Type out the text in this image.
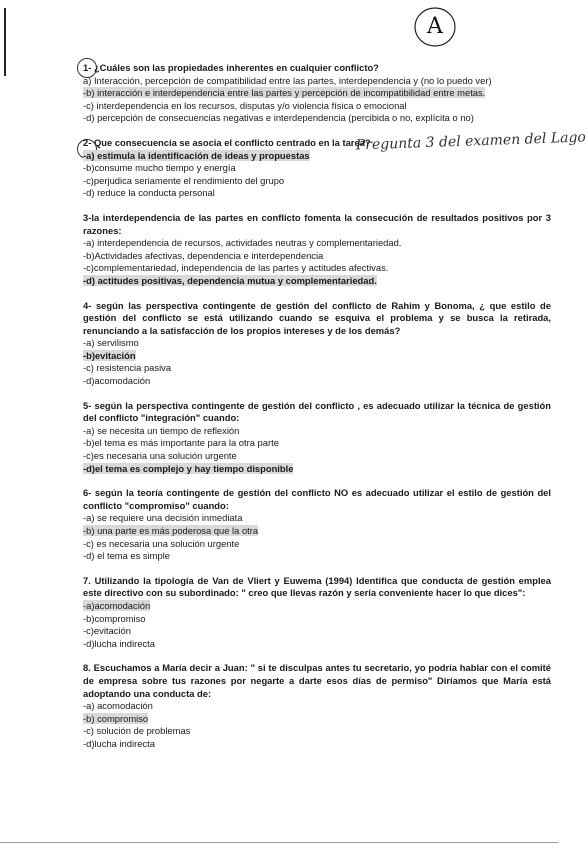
A
Pregunta 3 del examen del Lago
1- ¿Cuáles son las propiedades inherentes en cualquier conflicto?
a) Interacción, percepción de compatibilidad entre las partes, interdependencia y (no lo puedo ver)
-b) interacción e interdependencia entre las partes y percepción de incompatibilidad entre metas.
-c) interdependencia en los recursos, disputas y/o violencia física o emocional
-d) percepción de consecuencias negativas e interdependencia (percibida o no, explícita o no)
2- Que consecuencia se asocia el conflicto centrado en la tarea?
-a) estimula la identificación de ideas y propuestas
-b)consume mucho tiempo y energía
-c)perjudica seriamente el rendimiento del grupo
-d) reduce la conducta personal
3-la interdependencia de las partes en conflicto fomenta la consecución de resultados positivos por 3 razones:
-a) interdependencia de recursos, actividades neutras y complementariedad.
-b)Actividades afectivas, dependencia e interdependencia
-c)complementariedad, independencia de las partes y actitudes afectivas.
-d) actitudes positivas, dependencia mutua y complementariedad.
4- según las perspectiva contingente de gestión del conflicto de Rahim y Bonoma, ¿ que estilo de gestión del conflicto se está utilizando cuando se esquiva el problema y se busca la retirada, renunciando a la satisfacción de los propios intereses y de los demás?
-a) servilismo
-b)evitación
-c) resistencia pasiva
-d)acomodación
5- según la perspectiva contingente de gestión del conflicto , es adecuado utilizar la técnica de gestión del conflicto "integración" cuando:
-a) se necesita un tiempo de reflexión
-b)el tema es más importante para la otra parte
-c)es necesaria una solución urgente
-d)el tema es complejo y hay tiempo disponible
6- según la teoría contingente de gestión del conflicto NO es adecuado utilizar el estilo de gestión del conflicto "compromiso" cuando:
-a) se requiere una decisión inmediata
-b) una parte es más poderosa que la otra
-c) es necesaria una solución urgente
-d) el tema es simple
7. Utilizando la tipología de Van de Vliert y Euwema (1994) Identifica que conducta de gestión emplea este directivo con su subordinado: " creo que llevas razón y sería conveniente hacer lo que dices":
-a)acomodación
-b)compromiso
-c)evitación
-d)lucha indirecta
8. Escuchamos a María decir a Juan: " si te disculpas antes tu secretario, yo podría hablar con el comité de empresa sobre tus razones por negarte a darte esos días de permiso" Diríamos que María está adoptando una conducta de:
-a) acomodación
-b) compromiso
-c) solución de problemas
-d)lucha indirecta
